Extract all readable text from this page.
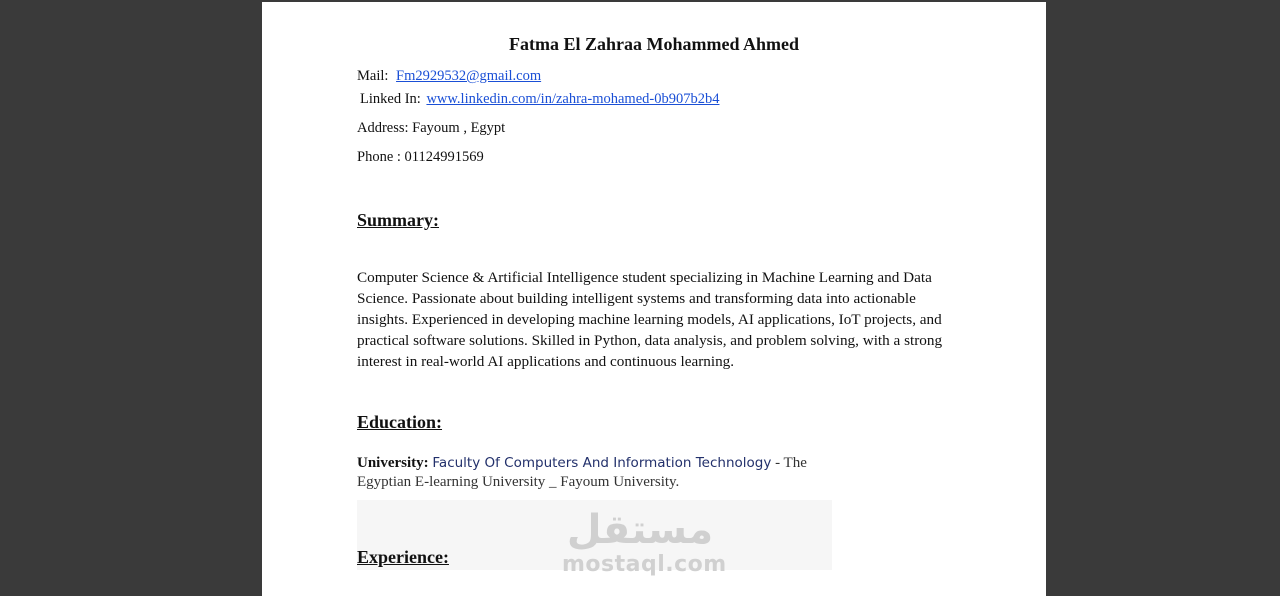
Fatma El Zahraa Mohammed Ahmed
Mail: Fm2929532@gmail.com
Linked In: www.linkedin.com/in/zahra-mohamed-0b907b2b4
Address: Fayoum , Egypt
Phone : 01124991569
Summary:
Computer Science & Artificial Intelligence student specializing in Machine Learning and Data Science. Passionate about building intelligent systems and transforming data into actionable insights. Experienced in developing machine learning models, AI applications, IoT projects, and practical software solutions. Skilled in Python, data analysis, and problem solving, with a strong interest in real-world AI applications and continuous learning.
Education:
University: Faculty Of Computers And Information Technology - The Egyptian E-learning University _ Fayoum University.
مستقل
mostaql.com
Experience:
